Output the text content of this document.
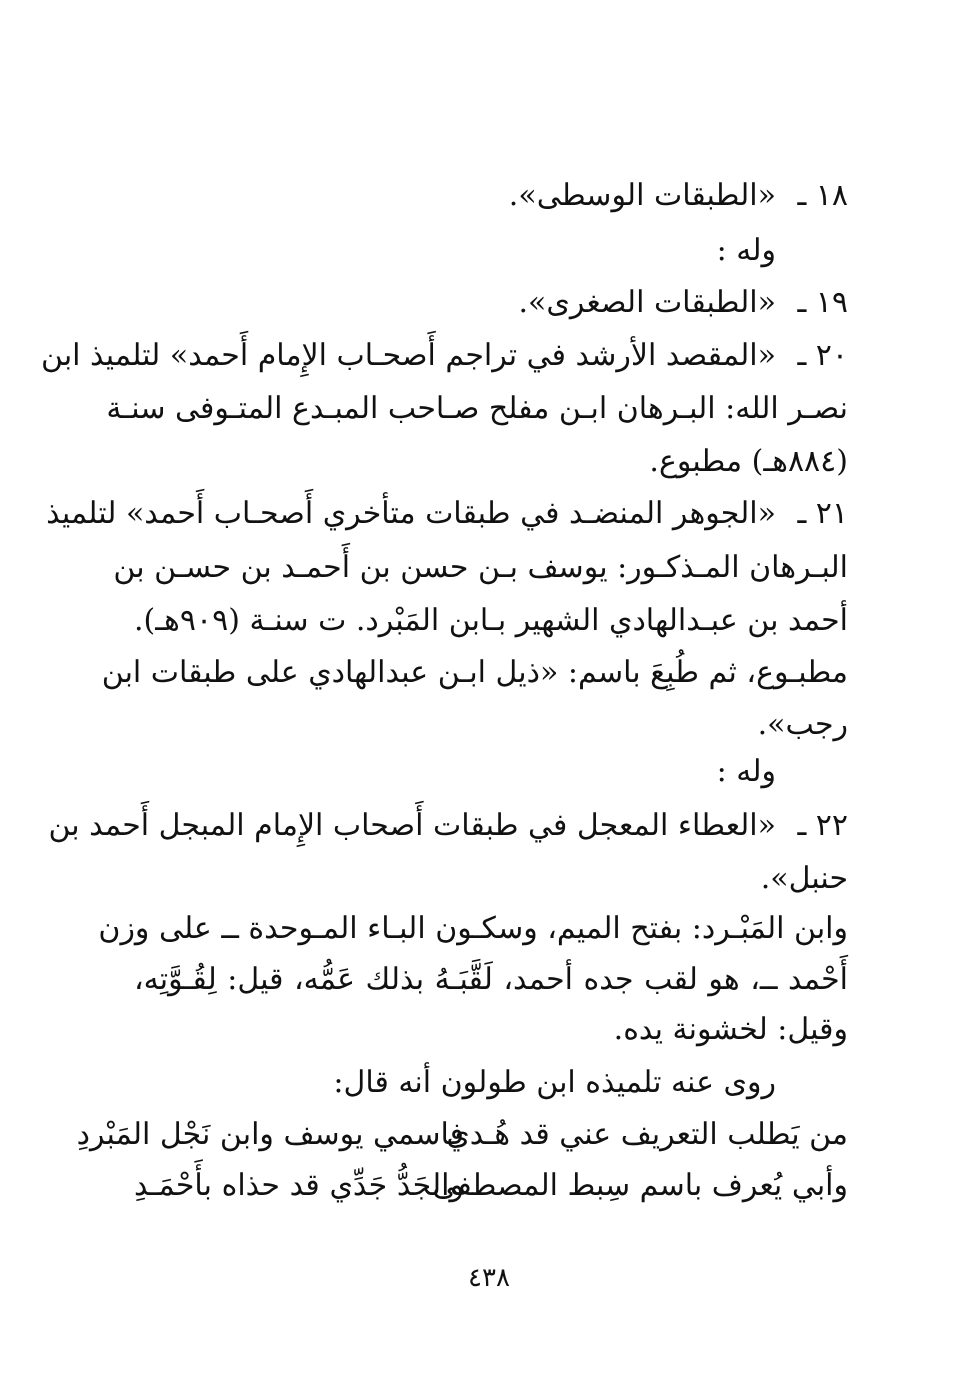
١٨ ـ
«الطبقات الوسطى».
وله :
١٩ ـ
«الطبقات الصغرى».
٢٠ ـ
«المقصد الأرشد في تراجم أَصحـاب الإِمام أَحمد» لتلميذ ابن
نصـر الله: البـرهان ابـن مفلح صـاحب المبـدع المتـوفى سنـة
(٨٨٤هـ) مطبوع.
٢١ ـ
«الجوهر المنضـد في طبقات متأخري أَصحـاب أَحمد» لتلميذ
البـرهان المـذكـور: يوسف بـن حسن بن أَحمـد بن حسـن بن
أحمد بن عبـدالهادي الشهير بـابن المَبْرد. ت سنـة (٩٠٩هـ).
مطبـوع، ثم طُبِعَ باسم: «ذيل ابـن عبدالهادي على طبقات ابن
رجب».
وله :
٢٢ ـ
«العطاء المعجل في طبقات أَصحاب الإِمام المبجل أَحمد بن
حنبل».
وابن المَبْـرد: بفتح الميم، وسكـون البـاء المـوحدة ــ على وزن
أَحْمد ــ، هو لقب جده أحمد، لَقَّبَـهُ بذلك عَمُّه، قيل: لِقُـوَّتِه،
وقيل: لخشونة يده.
روى عنه تلميذه ابن طولون أنه قال:
من يَطلب التعريف عني قد هُـدي
فاسمي يوسف وابن نَجْل المَبْردِ
وأبي يُعرف باسم سِبط المصطفى
والجَدُّ جَدِّي قد حذاه بأَحْمَـدِ
٤٣٨
